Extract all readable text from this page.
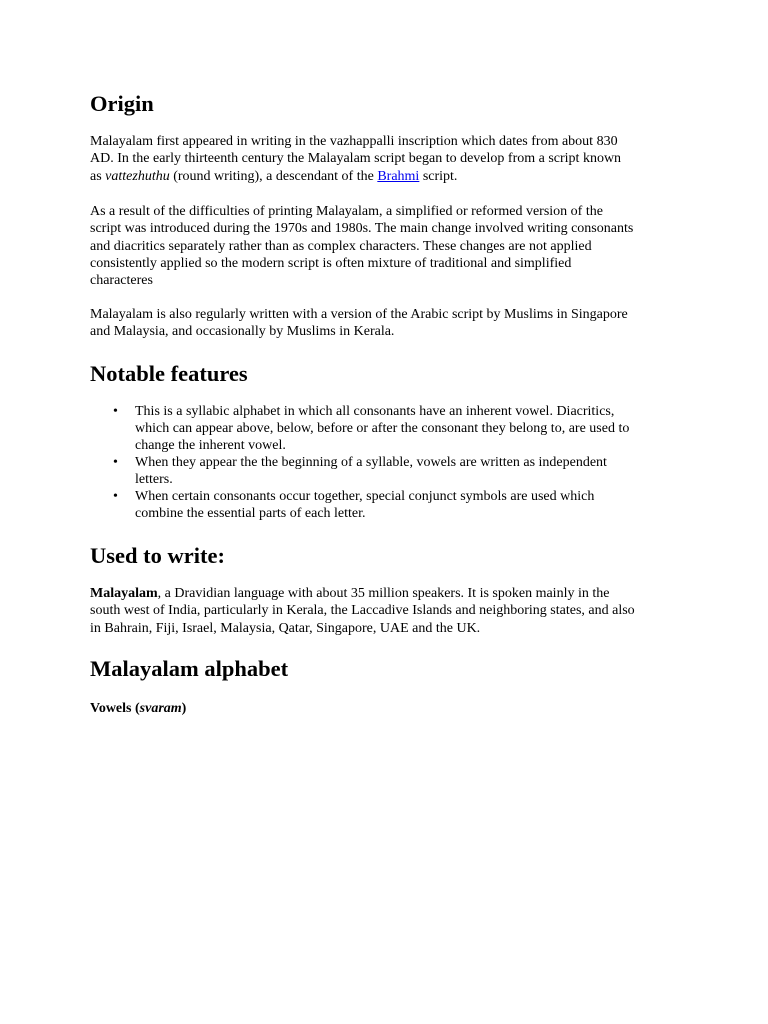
Origin
Malayalam first appeared in writing in the vazhappalli inscription which dates from about 830
AD. In the early thirteenth century the Malayalam script began to develop from a script known
as vattezhuthu (round writing), a descendant of the Brahmi script.
As a result of the difficulties of printing Malayalam, a simplified or reformed version of the
script was introduced during the 1970s and 1980s. The main change involved writing consonants
and diacritics separately rather than as complex characters. These changes are not applied
consistently applied so the modern script is often mixture of traditional and simplified
characteres
Malayalam is also regularly written with a version of the Arabic script by Muslims in Singapore
and Malaysia, and occasionally by Muslims in Kerala.
Notable features
• This is a syllabic alphabet in which all consonants have an inherent vowel. Diacritics,
which can appear above, below, before or after the consonant they belong to, are used to
change the inherent vowel.
• When they appear the the beginning of a syllable, vowels are written as independent
letters.
• When certain consonants occur together, special conjunct symbols are used which
combine the essential parts of each letter.
Used to write:
Malayalam, a Dravidian language with about 35 million speakers. It is spoken mainly in the
south west of India, particularly in Kerala, the Laccadive Islands and neighboring states, and also
in Bahrain, Fiji, Israel, Malaysia, Qatar, Singapore, UAE and the UK.
Malayalam alphabet
Vowels (svaram)
